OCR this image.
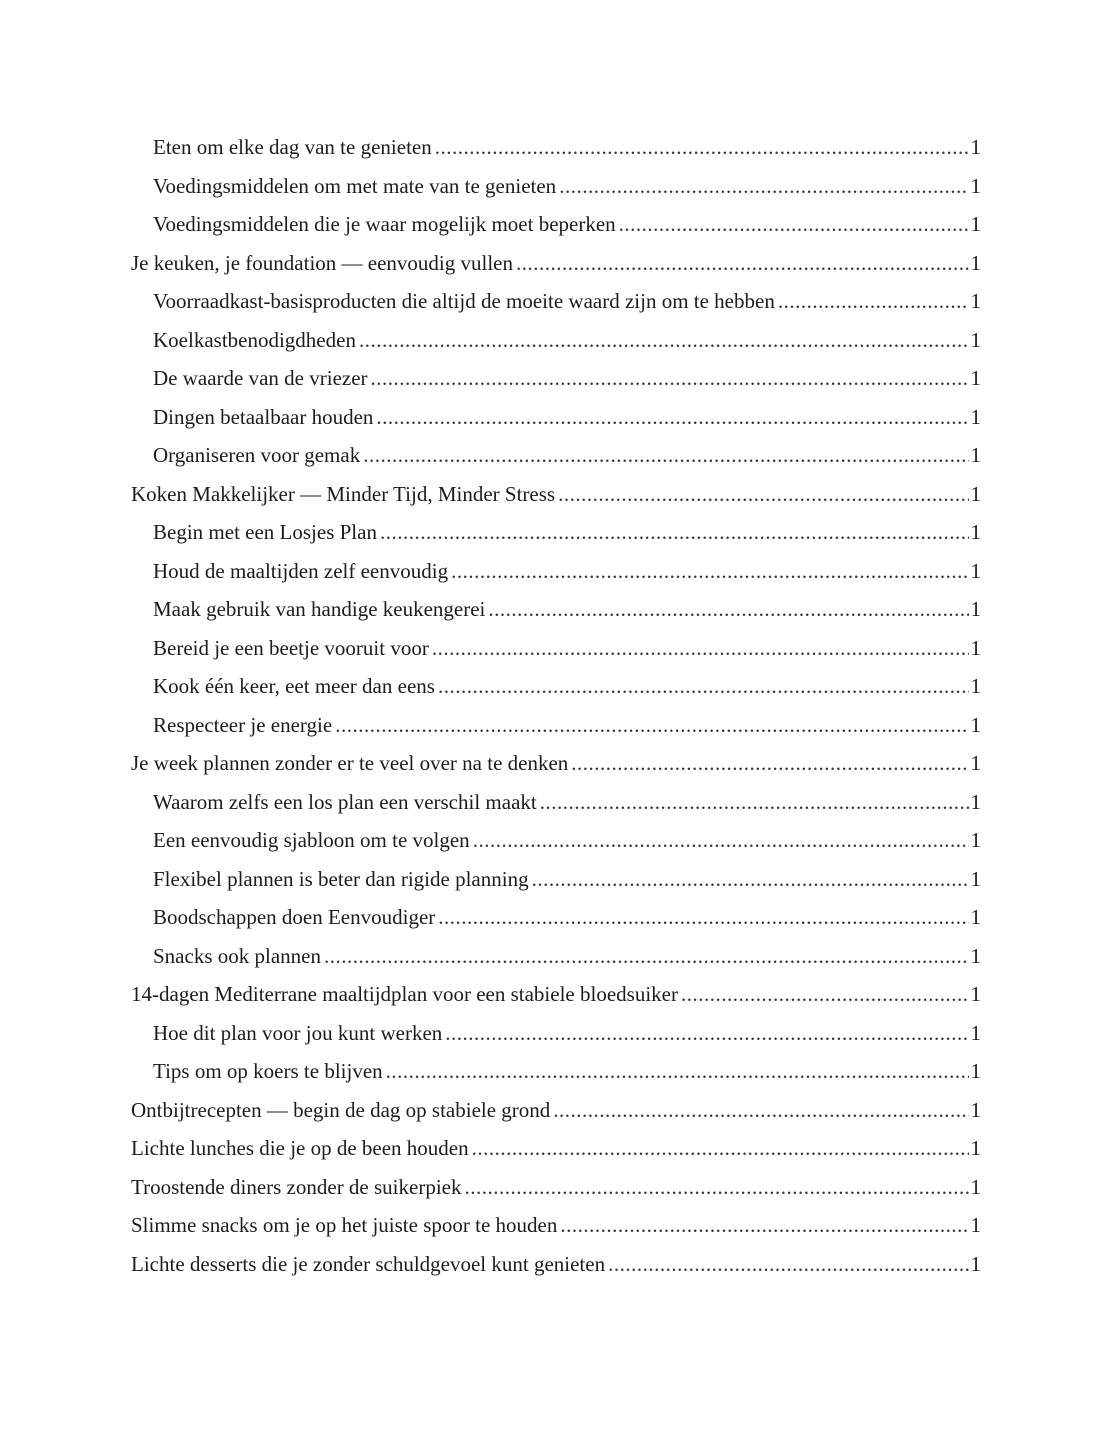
Eten om elke dag van te genieten .....	1
Voedingsmiddelen om met mate van te genieten .....	1
Voedingsmiddelen die je waar mogelijk moet beperken .....	1
Je keuken, je foundation — eenvoudig vullen .....	1
Voorraadkast-basisproducten die altijd de moeite waard zijn om te hebben .....	1
Koelkastbenodigdheden .....	1
De waarde van de vriezer .....	1
Dingen betaalbaar houden .....	1
Organiseren voor gemak .....	1
Koken Makkelijker — Minder Tijd, Minder Stress .....	1
Begin met een Losjes Plan .....	1
Houd de maaltijden zelf eenvoudig .....	1
Maak gebruik van handige keukengerei .....	1
Bereid je een beetje vooruit voor .....	1
Kook één keer, eet meer dan eens .....	1
Respecteer je energie .....	1
Je week plannen zonder er te veel over na te denken .....	1
Waarom zelfs een los plan een verschil maakt .....	1
Een eenvoudig sjabloon om te volgen .....	1
Flexibel plannen is beter dan rigide planning .....	1
Boodschappen doen Eenvoudiger .....	1
Snacks ook plannen .....	1
14-dagen Mediterrane maaltijdplan voor een stabiele bloedsuiker .....	1
Hoe dit plan voor jou kunt werken .....	1
Tips om op koers te blijven .....	1
Ontbijtrecepten — begin de dag op stabiele grond .....	1
Lichte lunches die je op de been houden .....	1
Troostende diners zonder de suikerpiek .....	1
Slimme snacks om je op het juiste spoor te houden .....	1
Lichte desserts die je zonder schuldgevoel kunt genieten .....	1
